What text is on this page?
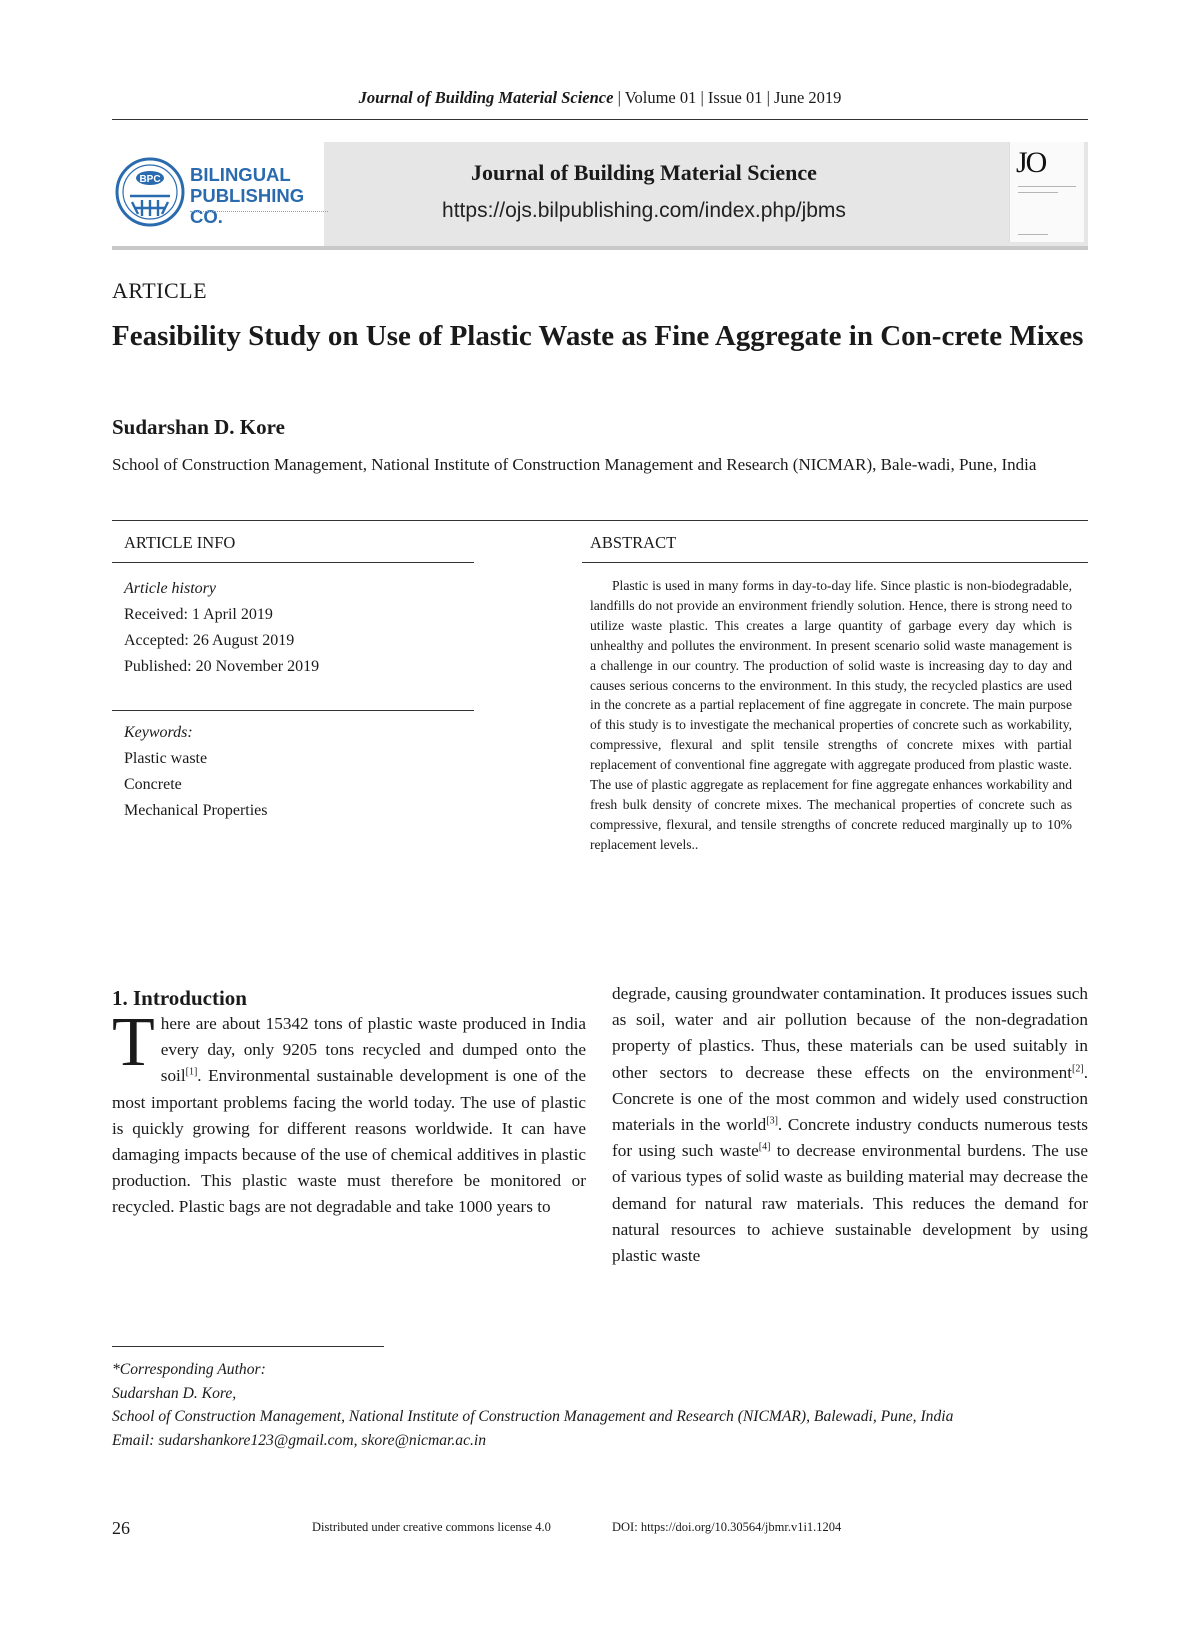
Journal of Building Material Science | Volume 01 | Issue 01 | June 2019
BPC BILINGUAL
PUBLISHING CO.
Journal of Building Material Science
https://ojs.bilpublishing.com/index.php/jbms
JO
ARTICLE
Feasibility Study on Use of Plastic Waste as Fine Aggregate in Con-crete Mixes
Sudarshan D. Kore
School of Construction Management, National Institute of Construction Management and Research (NICMAR), Bale-wadi, Pune, India
ARTICLE INFO	ABSTRACT
Article history
Received: 1 April 2019
Accepted: 26 August 2019
Published: 20 November 2019
Keywords:
Plastic waste
Concrete
Mechanical Properties

Plastic is used in many forms in day-to-day life. Since plastic is non-biodegradable, landfills do not provide an environment friendly solution. Hence, there is strong need to utilize waste plastic. This creates a large quantity of garbage every day which is unhealthy and pollutes the environment. In present scenario solid waste management is a challenge in our country. The production of solid waste is increasing day to day and causes serious concerns to the environment. In this study, the recycled plastics are used in the concrete as a partial replacement of fine aggregate in concrete. The main purpose of this study is to investigate the mechanical properties of concrete such as workability, compressive, flexural and split tensile strengths of concrete mixes with partial replacement of conventional fine aggregate with aggregate produced from plastic waste. The use of plastic aggregate as replacement for fine aggregate enhances workability and fresh bulk density of concrete mixes. The mechanical properties of concrete such as compressive, flexural, and tensile strengths of concrete reduced marginally up to 10% replacement levels..

1. Introduction

There are about 15342 tons of plastic waste produced in India every day, only 9205 tons recycled and dumped onto the soil[1]. Environmental sustainable development is one of the most important problems facing the world today. The use of plastic is quickly growing for different reasons worldwide. It can have damaging impacts because of the use of chemical additives in plastic production. This plastic waste must therefore be monitored or recycled. Plastic bags are not degradable and take 1000 years to

degrade, causing groundwater contamination. It produces issues such as soil, water and air pollution because of the non-degradation property of plastics. Thus, these materials can be used suitably in other sectors to decrease these effects on the environment[2]. Concrete is one of the most common and widely used construction materials in the world[3]. Concrete industry conducts numerous tests for using such waste[4] to decrease environmental burdens. The use of various types of solid waste as building material may decrease the demand for natural raw materials. This reduces the demand for natural resources to achieve sustainable development by using plastic waste

*Corresponding Author:
Sudarshan D. Kore,
School of Construction Management, National Institute of Construction Management and Research (NICMAR), Balewadi, Pune, India
Email: sudarshankore123@gmail.com, skore@nicmar.ac.in
26	Distributed under creative commons license 4.0	DOI: https://doi.org/10.30564/jbmr.v1i1.1204
